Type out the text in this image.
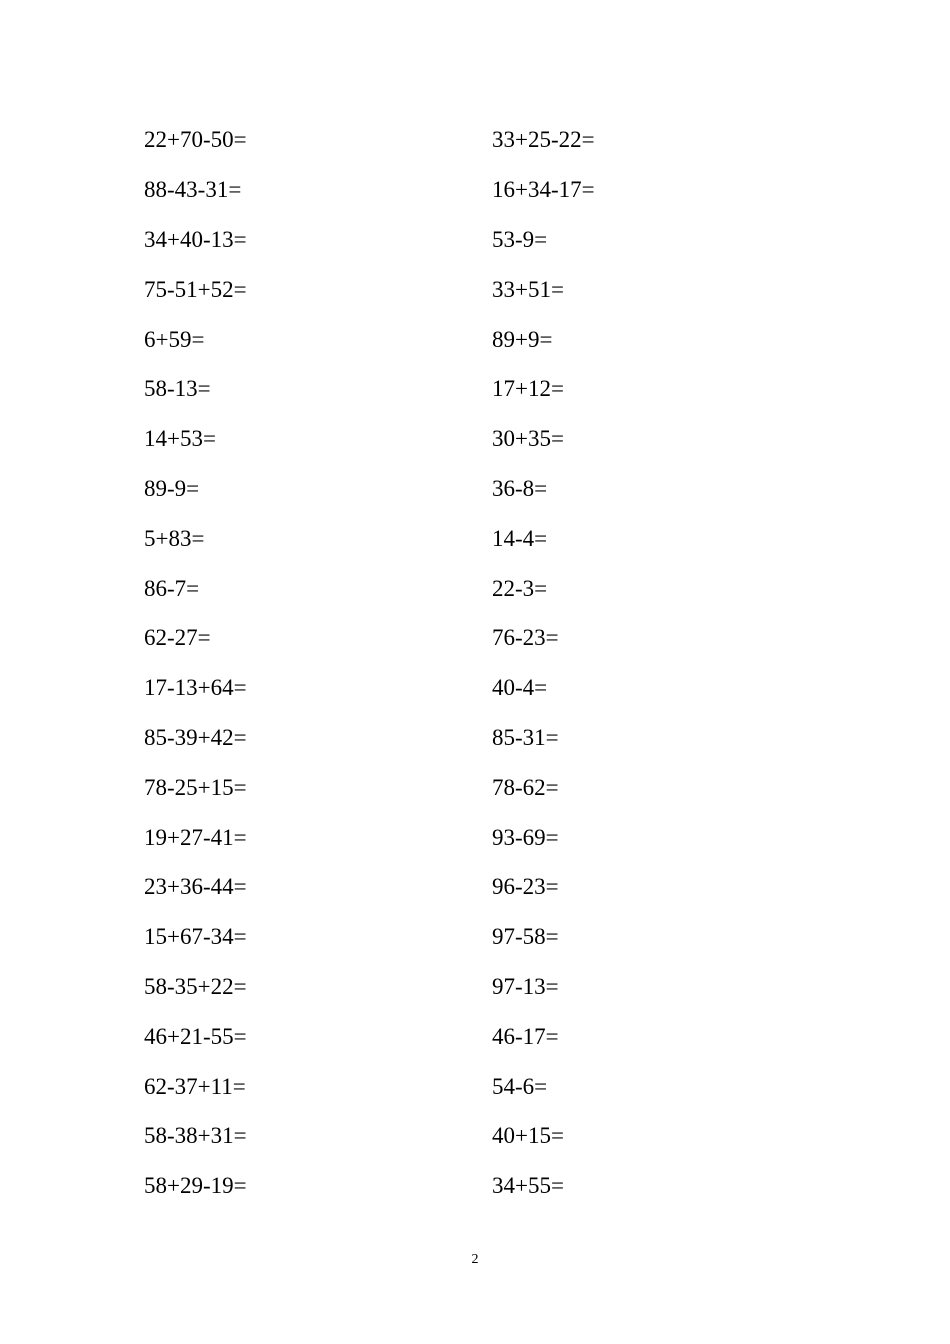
22+70-50=	33+25-22=
88-43-31=	16+34-17=
34+40-13=	53-9=
75-51+52=	33+51=
6+59=	89+9=
58-13=	17+12=
14+53=	30+35=
89-9=	36-8=
5+83=	14-4=
86-7=	22-3=
62-27=	76-23=
17-13+64=	40-4=
85-39+42=	85-31=
78-25+15=	78-62=
19+27-41=	93-69=
23+36-44=	96-23=
15+67-34=	97-58=
58-35+22=	97-13=
46+21-55=	46-17=
62-37+11=	54-6=
58-38+31=	40+15=
58+29-19=	34+55=
2
